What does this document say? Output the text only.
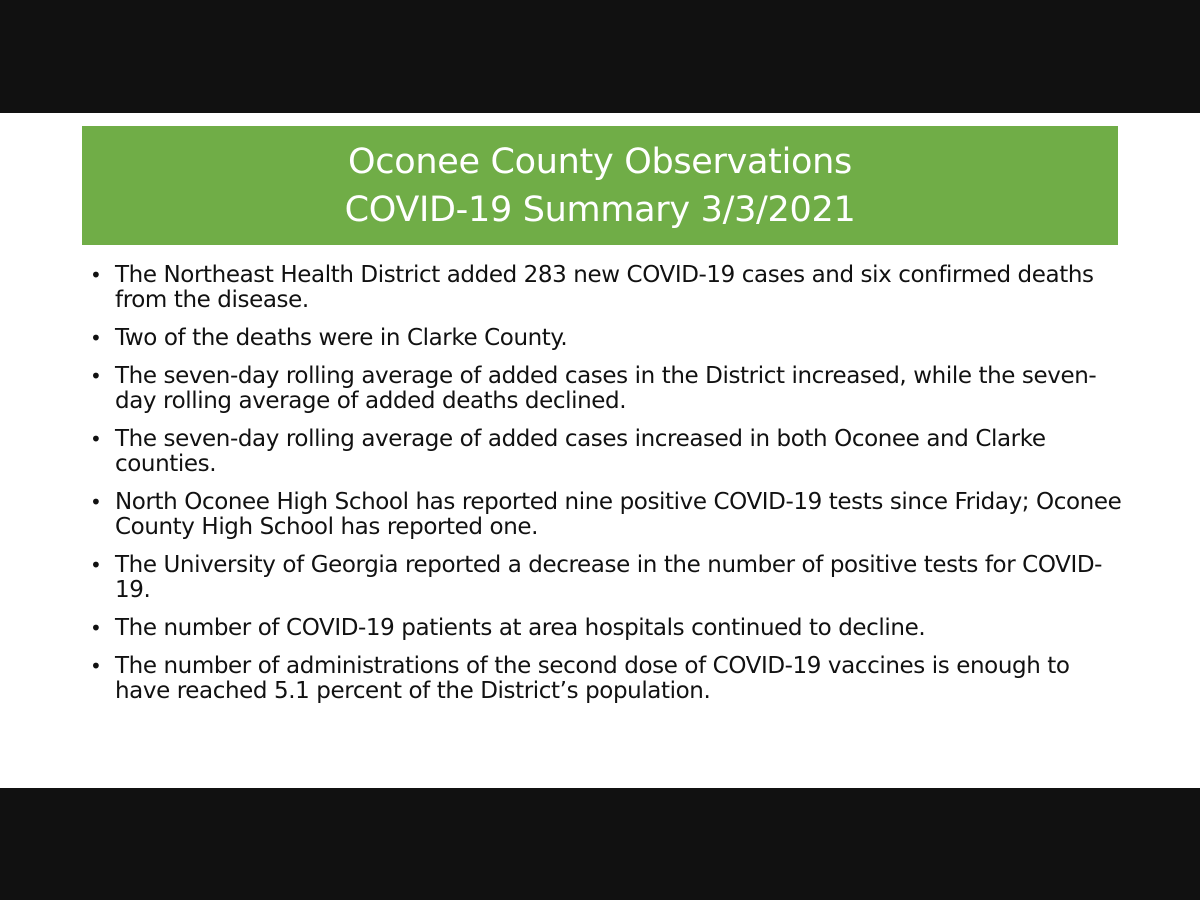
Oconee County Observations
COVID-19 Summary 3/3/2021
• The Northeast Health District added 283 new COVID-19 cases and six confirmed deaths from the disease.
• Two of the deaths were in Clarke County.
• The seven-day rolling average of added cases in the District increased, while the seven-day rolling average of added deaths declined.
• The seven-day rolling average of added cases increased in both Oconee and Clarke counties.
• North Oconee High School has reported nine positive COVID-19 tests since Friday; Oconee County High School has reported one.
• The University of Georgia reported a decrease in the number of positive tests for COVID-19.
• The number of COVID-19 patients at area hospitals continued to decline.
• The number of administrations of the second dose of COVID-19 vaccines is enough to have reached 5.1 percent of the District’s population.
